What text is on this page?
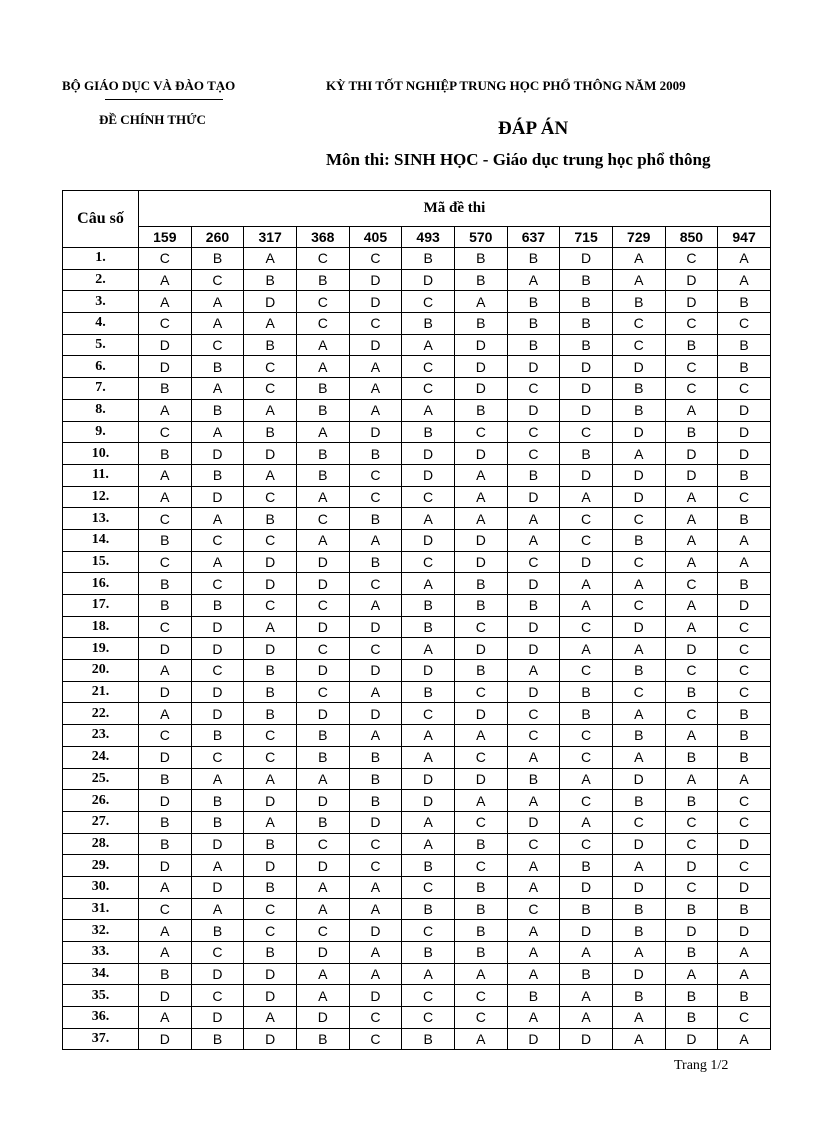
BỘ GIÁO DỤC VÀ ĐÀO TẠO
ĐỀ CHÍNH THỨC
KỲ THI TỐT NGHIỆP TRUNG HỌC PHỔ THÔNG NĂM 2009
ĐÁP ÁN
Môn thi: SINH HỌC - Giáo dục trung học phổ thông
Câu số	Mã đề thi											
	159	260	317	368	405	493	570	637	715	729	850	947
1.	C	B	A	C	C	B	B	B	D	A	C	A
2.	A	C	B	B	D	D	B	A	B	A	D	A
3.	A	A	D	C	D	C	A	B	B	B	D	B
4.	C	A	A	C	C	B	B	B	B	C	C	C
5.	D	C	B	A	D	A	D	B	B	C	B	B
6.	D	B	C	A	A	C	D	D	D	D	C	B
7.	B	A	C	B	A	C	D	C	D	B	C	C
8.	A	B	A	B	A	A	B	D	D	B	A	D
9.	C	A	B	A	D	B	C	C	C	D	B	D
10.	B	D	D	B	B	D	D	C	B	A	D	D
11.	A	B	A	B	C	D	A	B	D	D	D	B
12.	A	D	C	A	C	C	A	D	A	D	A	C
13.	C	A	B	C	B	A	A	A	C	C	A	B
14.	B	C	C	A	A	D	D	A	C	B	A	A
15.	C	A	D	D	B	C	D	C	D	C	A	A
16.	B	C	D	D	C	A	B	D	A	A	C	B
17.	B	B	C	C	A	B	B	B	A	C	A	D
18.	C	D	A	D	D	B	C	D	C	D	A	C
19.	D	D	D	C	C	A	D	D	A	A	D	C
20.	A	C	B	D	D	D	B	A	C	B	C	C
21.	D	D	B	C	A	B	C	D	B	C	B	C
22.	A	D	B	D	D	C	D	C	B	A	C	B
23.	C	B	C	B	A	A	A	C	C	B	A	B
24.	D	C	C	B	B	A	C	A	C	A	B	B
25.	B	A	A	A	B	D	D	B	A	D	A	A
26.	D	B	D	D	B	D	A	A	C	B	B	C
27.	B	B	A	B	D	A	C	D	A	C	C	C
28.	B	D	B	C	C	A	B	C	C	D	C	D
29.	D	A	D	D	C	B	C	A	B	A	D	C
30.	A	D	B	A	A	C	B	A	D	D	C	D
31.	C	A	C	A	A	B	B	C	B	B	B	B
32.	A	B	C	C	D	C	B	A	D	B	D	D
33.	A	C	B	D	A	B	B	A	A	A	B	A
34.	B	D	D	A	A	A	A	A	B	D	A	A
35.	D	C	D	A	D	C	C	B	A	B	B	B
36.	A	D	A	D	C	C	C	A	A	A	B	C
37.	D	B	D	B	C	B	A	D	D	A	D	A
Trang 1/2
